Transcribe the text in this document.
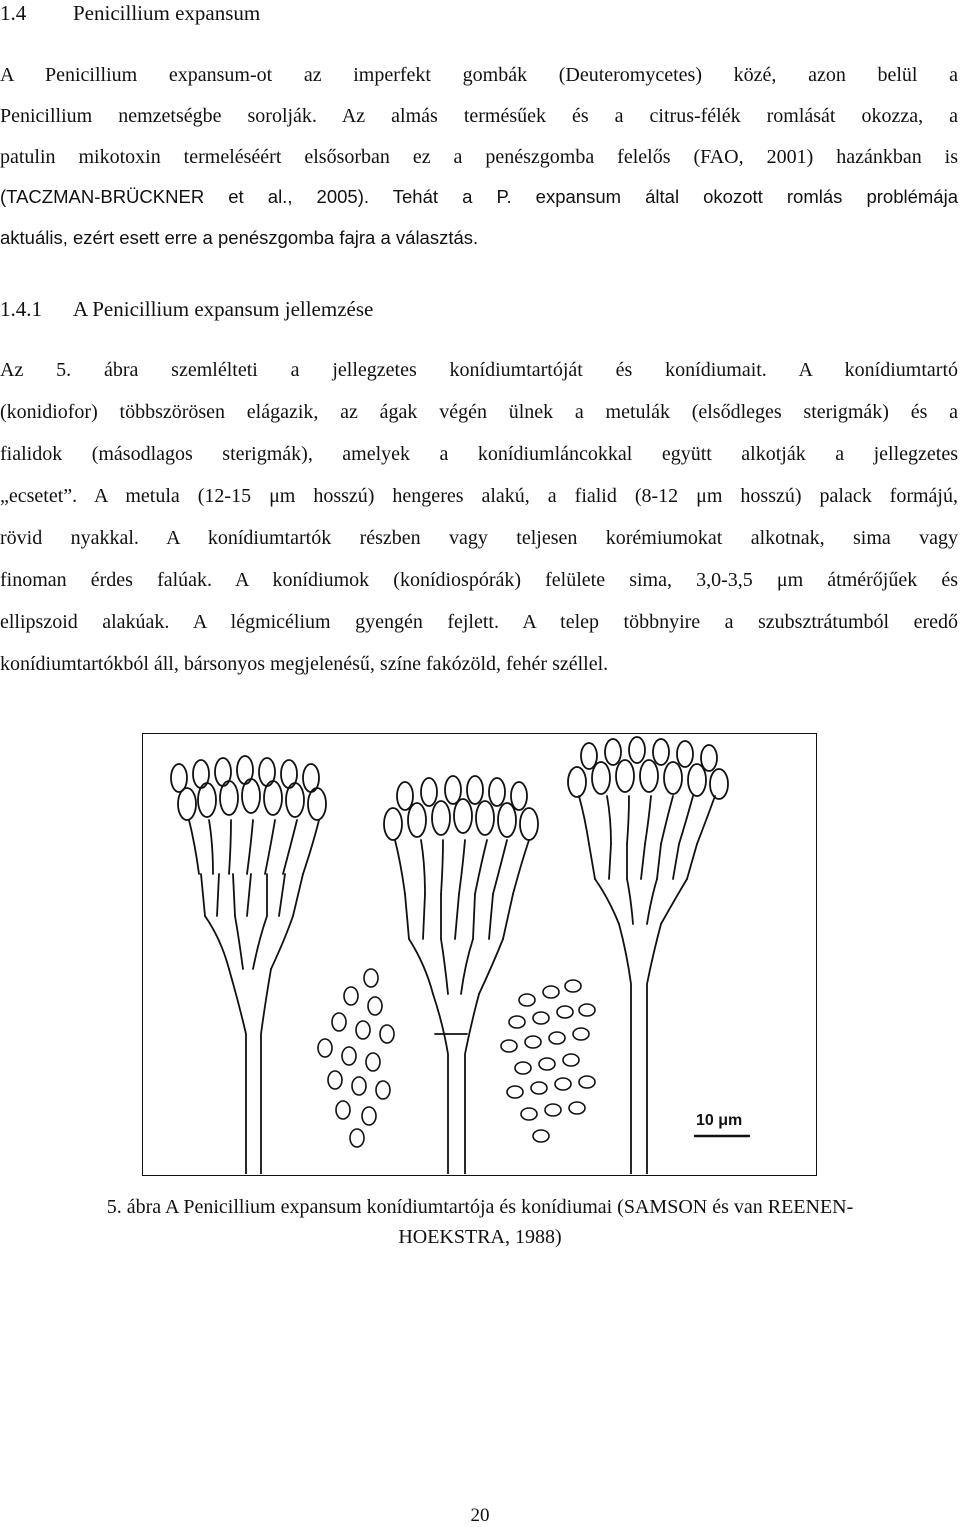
1.4 Penicillium expansum
A Penicillium expansum-ot az imperfekt gombák (Deuteromycetes) közé, azon belül a
Penicillium nemzetségbe sorolják. Az almás termésűek és a citrus-félék romlását okozza, a
patulin mikotoxin termeléséért elsősorban ez a penészgomba felelős (FAO, 2001) hazánkban is
(TACZMAN-BRÜCKNER et al., 2005). Tehát a P. expansum által okozott romlás problémája
aktuális, ezért esett erre a penészgomba fajra a választás.
1.4.1 A Penicillium expansum jellemzése
Az 5. ábra szemlélteti a jellegzetes konídiumtartóját és konídiumait. A konídiumtartó
(konidiofor) többszörösen elágazik, az ágak végén ülnek a metulák (elsődleges sterigmák) és a
fialidok (másodlagos sterigmák), amelyek a konídiumláncokkal együtt alkotják a jellegzetes
„ecsetet”. A metula (12-15 μm hosszú) hengeres alakú, a fialid (8-12 μm hosszú) palack formájú,
rövid nyakkal. A konídiumtartók részben vagy teljesen korémiumokat alkotnak, sima vagy
finoman érdes falúak. A konídiumok (konídiospórák) felülete sima, 3,0-3,5 μm átmérőjűek és
ellipszoid alakúak. A légmicélium gyengén fejlett. A telep többnyire a szubsztrátumból eredő
konídiumtartókból áll, bársonyos megjelenésű, színe fakózöld, fehér széllel.
10 μm
5. ábra A Penicillium expansum konídiumtartója és konídiumai (SAMSON és van REENEN-
HOEKSTRA, 1988)
20
